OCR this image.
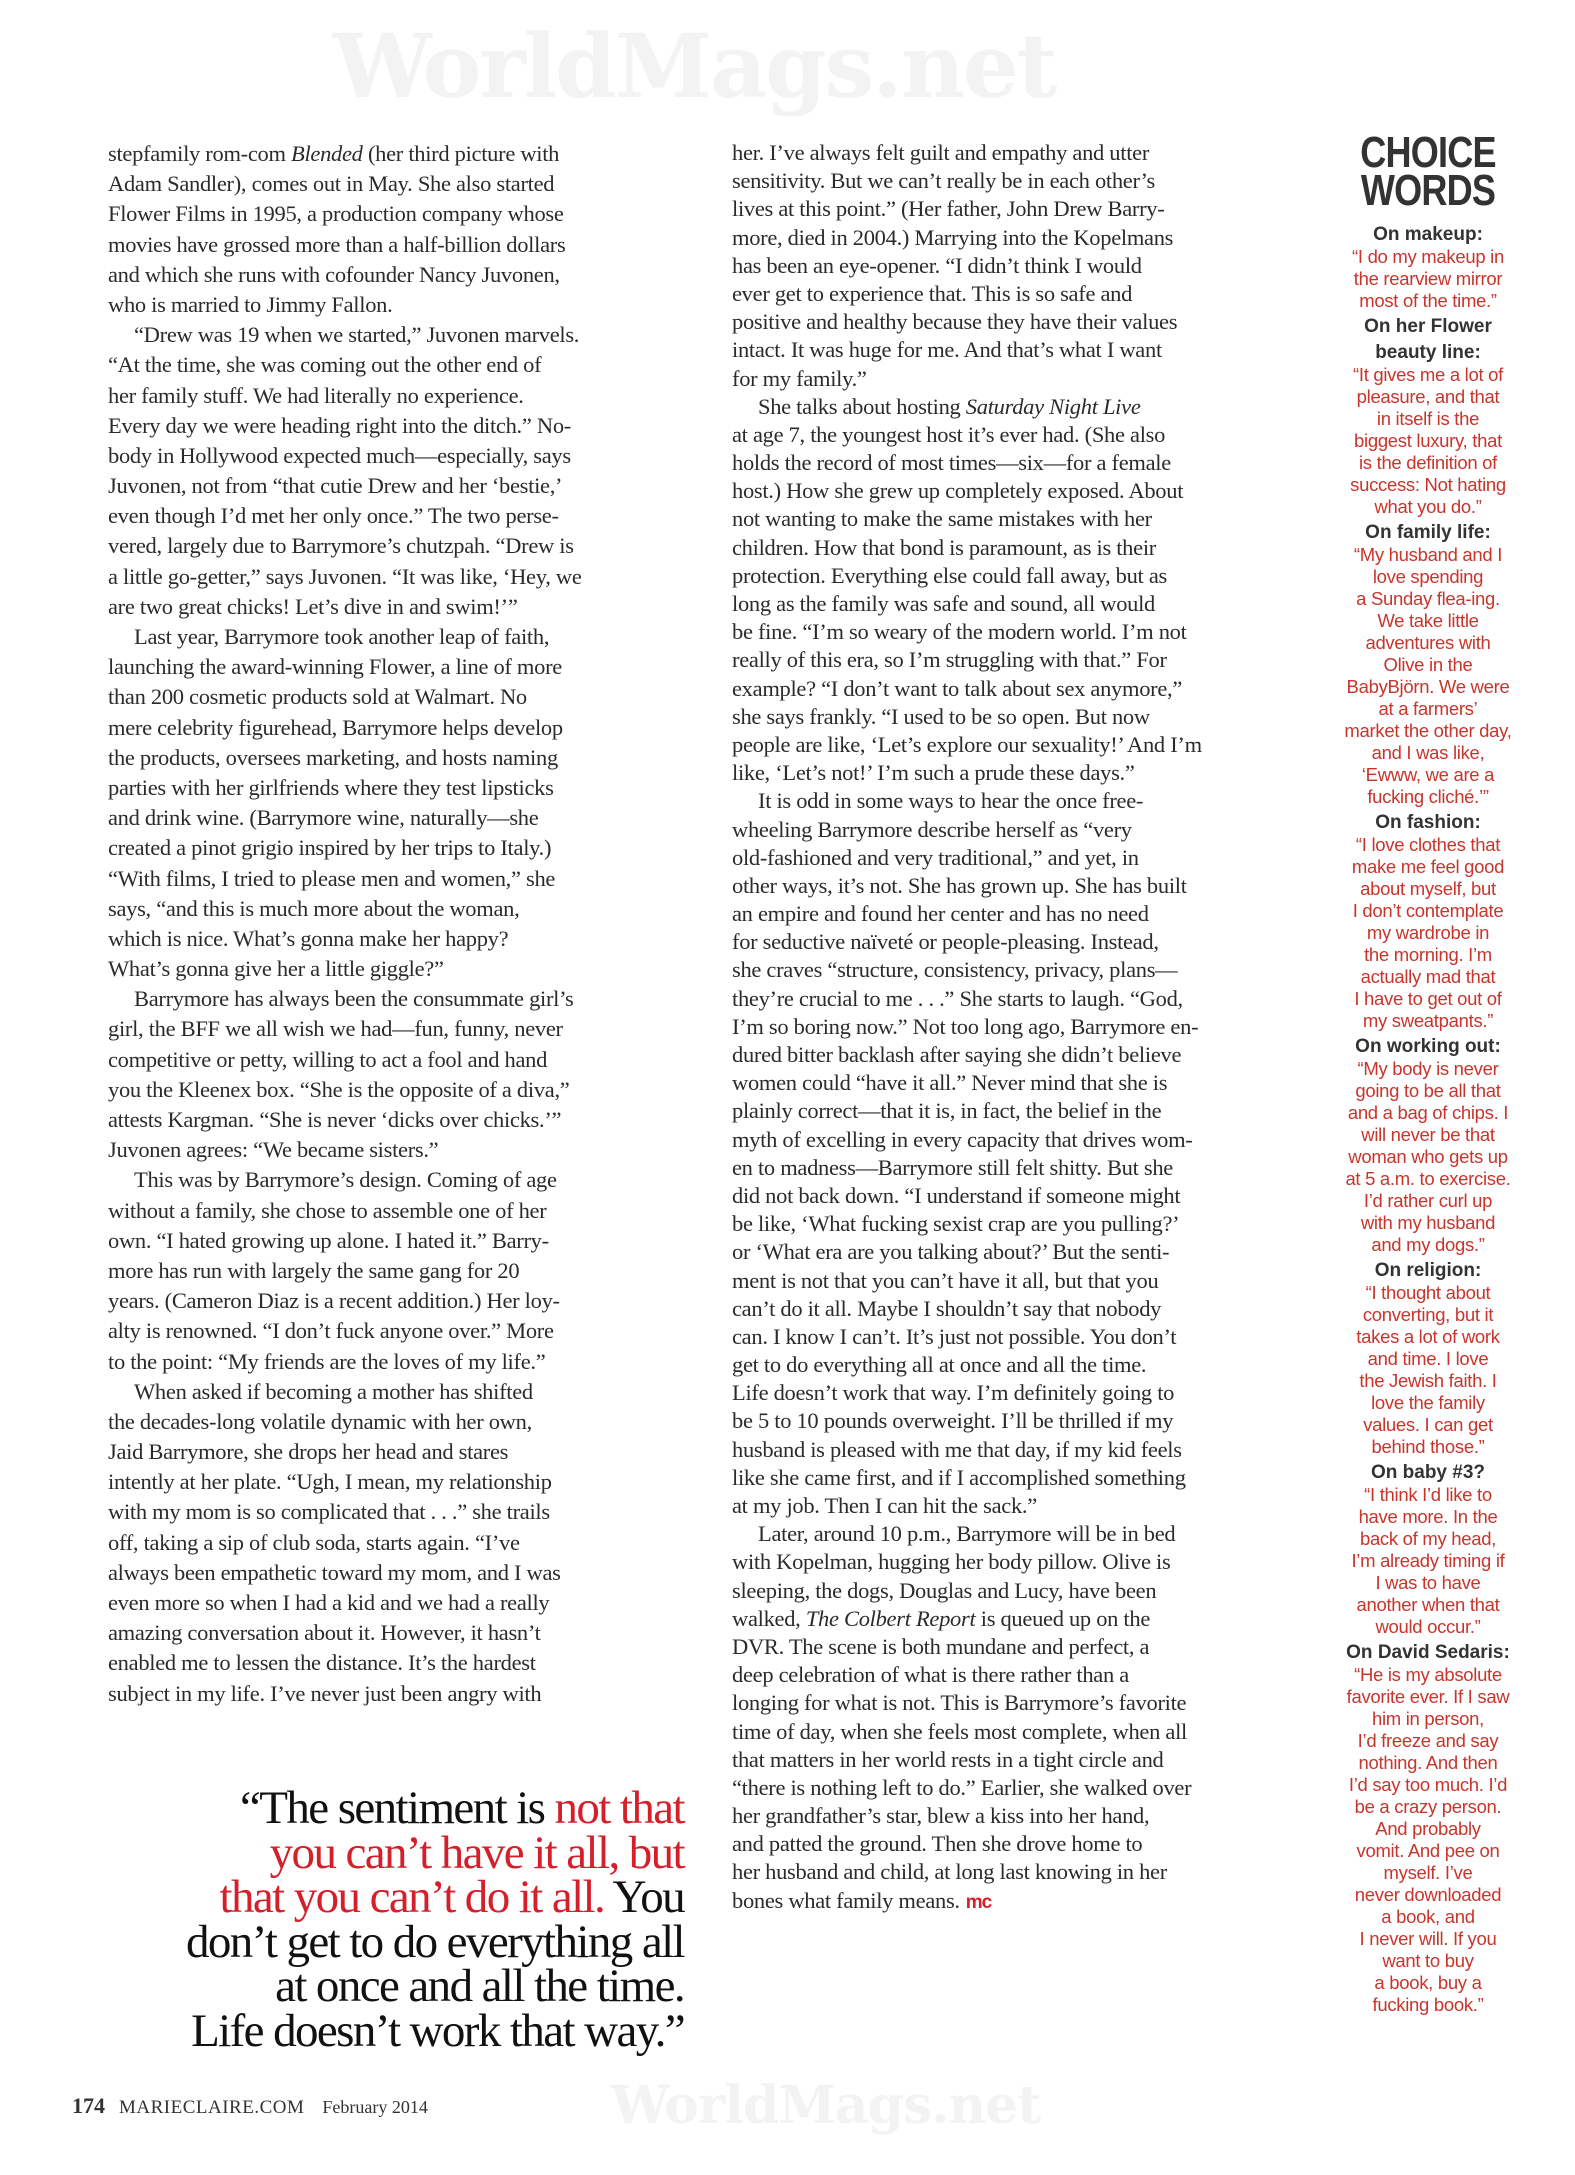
WorldMags.net
WorldMags.net
stepfamily rom-com Blended (her third picture with
Adam Sandler), comes out in May. She also started
Flower Films in 1995, a production company whose
movies have grossed more than a half-billion dollars
and which she runs with cofounder Nancy Juvonen,
who is married to Jimmy Fallon.
“Drew was 19 when we started,” Juvonen marvels.
“At the time, she was coming out the other end of
her family stuff. We had literally no experience.
Every day we were heading right into the ditch.” No-
body in Hollywood expected much—especially, says
Juvonen, not from “that cutie Drew and her ‘bestie,’
even though I’d met her only once.” The two perse-
vered, largely due to Barrymore’s chutzpah. “Drew is
a little go-getter,” says Juvonen. “It was like, ‘Hey, we
are two great chicks! Let’s dive in and swim!’”
Last year, Barrymore took another leap of faith,
launching the award-winning Flower, a line of more
than 200 cosmetic products sold at Walmart. No
mere celebrity figurehead, Barrymore helps develop
the products, oversees marketing, and hosts naming
parties with her girlfriends where they test lipsticks
and drink wine. (Barrymore wine, naturally—she
created a pinot grigio inspired by her trips to Italy.)
“With films, I tried to please men and women,” she
says, “and this is much more about the woman,
which is nice. What’s gonna make her happy?
What’s gonna give her a little giggle?”
Barrymore has always been the consummate girl’s
girl, the BFF we all wish we had—fun, funny, never
competitive or petty, willing to act a fool and hand
you the Kleenex box. “She is the opposite of a diva,”
attests Kargman. “She is never ‘dicks over chicks.’”
Juvonen agrees: “We became sisters.”
This was by Barrymore’s design. Coming of age
without a family, she chose to assemble one of her
own. “I hated growing up alone. I hated it.” Barry-
more has run with largely the same gang for 20
years. (Cameron Diaz is a recent addition.) Her loy-
alty is renowned. “I don’t fuck anyone over.” More
to the point: “My friends are the loves of my life.”
When asked if becoming a mother has shifted
the decades-long volatile dynamic with her own,
Jaid Barrymore, she drops her head and stares
intently at her plate. “Ugh, I mean, my relationship
with my mom is so complicated that . . .” she trails
off, taking a sip of club soda, starts again. “I’ve
always been empathetic toward my mom, and I was
even more so when I had a kid and we had a really
amazing conversation about it. However, it hasn’t
enabled me to lessen the distance. It’s the hardest
subject in my life. I’ve never just been angry with
her. I’ve always felt guilt and empathy and utter
sensitivity. But we can’t really be in each other’s
lives at this point.” (Her father, John Drew Barry-
more, died in 2004.) Marrying into the Kopelmans
has been an eye-opener. “I didn’t think I would
ever get to experience that. This is so safe and
positive and healthy because they have their values
intact. It was huge for me. And that’s what I want
for my family.”
She talks about hosting Saturday Night Live
at age 7, the youngest host it’s ever had. (She also
holds the record of most times—six—for a female
host.) How she grew up completely exposed. About
not wanting to make the same mistakes with her
children. How that bond is paramount, as is their
protection. Everything else could fall away, but as
long as the family was safe and sound, all would
be fine. “I’m so weary of the modern world. I’m not
really of this era, so I’m struggling with that.” For
example? “I don’t want to talk about sex anymore,”
she says frankly. “I used to be so open. But now
people are like, ‘Let’s explore our sexuality!’ And I’m
like, ‘Let’s not!’ I’m such a prude these days.”
It is odd in some ways to hear the once free-
wheeling Barrymore describe herself as “very
old-fashioned and very traditional,” and yet, in
other ways, it’s not. She has grown up. She has built
an empire and found her center and has no need
for seductive naïveté or people-pleasing. Instead,
she craves “structure, consistency, privacy, plans—
they’re crucial to me . . .” She starts to laugh. “God,
I’m so boring now.” Not too long ago, Barrymore en-
dured bitter backlash after saying she didn’t believe
women could “have it all.” Never mind that she is
plainly correct—that it is, in fact, the belief in the
myth of excelling in every capacity that drives wom-
en to madness—Barrymore still felt shitty. But she
did not back down. “I understand if someone might
be like, ‘What fucking sexist crap are you pulling?’
or ‘What era are you talking about?’ But the senti-
ment is not that you can’t have it all, but that you
can’t do it all. Maybe I shouldn’t say that nobody
can. I know I can’t. It’s just not possible. You don’t
get to do everything all at once and all the time.
Life doesn’t work that way. I’m definitely going to
be 5 to 10 pounds overweight. I’ll be thrilled if my
husband is pleased with me that day, if my kid feels
like she came first, and if I accomplished something
at my job. Then I can hit the sack.”
Later, around 10 p.m., Barrymore will be in bed
with Kopelman, hugging her body pillow. Olive is
sleeping, the dogs, Douglas and Lucy, have been
walked, The Colbert Report is queued up on the
DVR. The scene is both mundane and perfect, a
deep celebration of what is there rather than a
longing for what is not. This is Barrymore’s favorite
time of day, when she feels most complete, when all
that matters in her world rests in a tight circle and
“there is nothing left to do.” Earlier, she walked over
her grandfather’s star, blew a kiss into her hand,
and patted the ground. Then she drove home to
her husband and child, at long last knowing in her
bones what family means. mc
CHOICE
WORDS
On makeup:
“I do my makeup in
the rearview mirror
most of the time.”
On her Flower
beauty line:
“It gives me a lot of
pleasure, and that
in itself is the
biggest luxury, that
is the definition of
success: Not hating
what you do.”
On family life:
“My husband and I
love spending
a Sunday flea-ing.
We take little
adventures with
Olive in the
BabyBjörn. We were
at a farmers’
market the other day,
and I was like,
‘Ewww, we are a
fucking cliché.’”
On fashion:
“I love clothes that
make me feel good
about myself, but
I don’t contemplate
my wardrobe in
the morning. I’m
actually mad that
I have to get out of
my sweatpants.”
On working out:
“My body is never
going to be all that
and a bag of chips. I
will never be that
woman who gets up
at 5 a.m. to exercise.
I’d rather curl up
with my husband
and my dogs.”
On religion:
“I thought about
converting, but it
takes a lot of work
and time. I love
the Jewish faith. I
love the family
values. I can get
behind those.”
On baby #3?
“I think I’d like to
have more. In the
back of my head,
I’m already timing if
I was to have
another when that
would occur.”
On David Sedaris:
“He is my absolute
favorite ever. If I saw
him in person,
I’d freeze and say
nothing. And then
I’d say too much. I’d
be a crazy person.
And probably
vomit. And pee on
myself. I’ve
never downloaded
a book, and
I never will. If you
want to buy
a book, buy a
fucking book.”
“The sentiment is not that
you can’t have it all, but
that you can’t do it all. You
don’t get to do everything all
at once and all the time.
Life doesn’t work that way.”
174 MARIECLAIRE.COM February 2014
